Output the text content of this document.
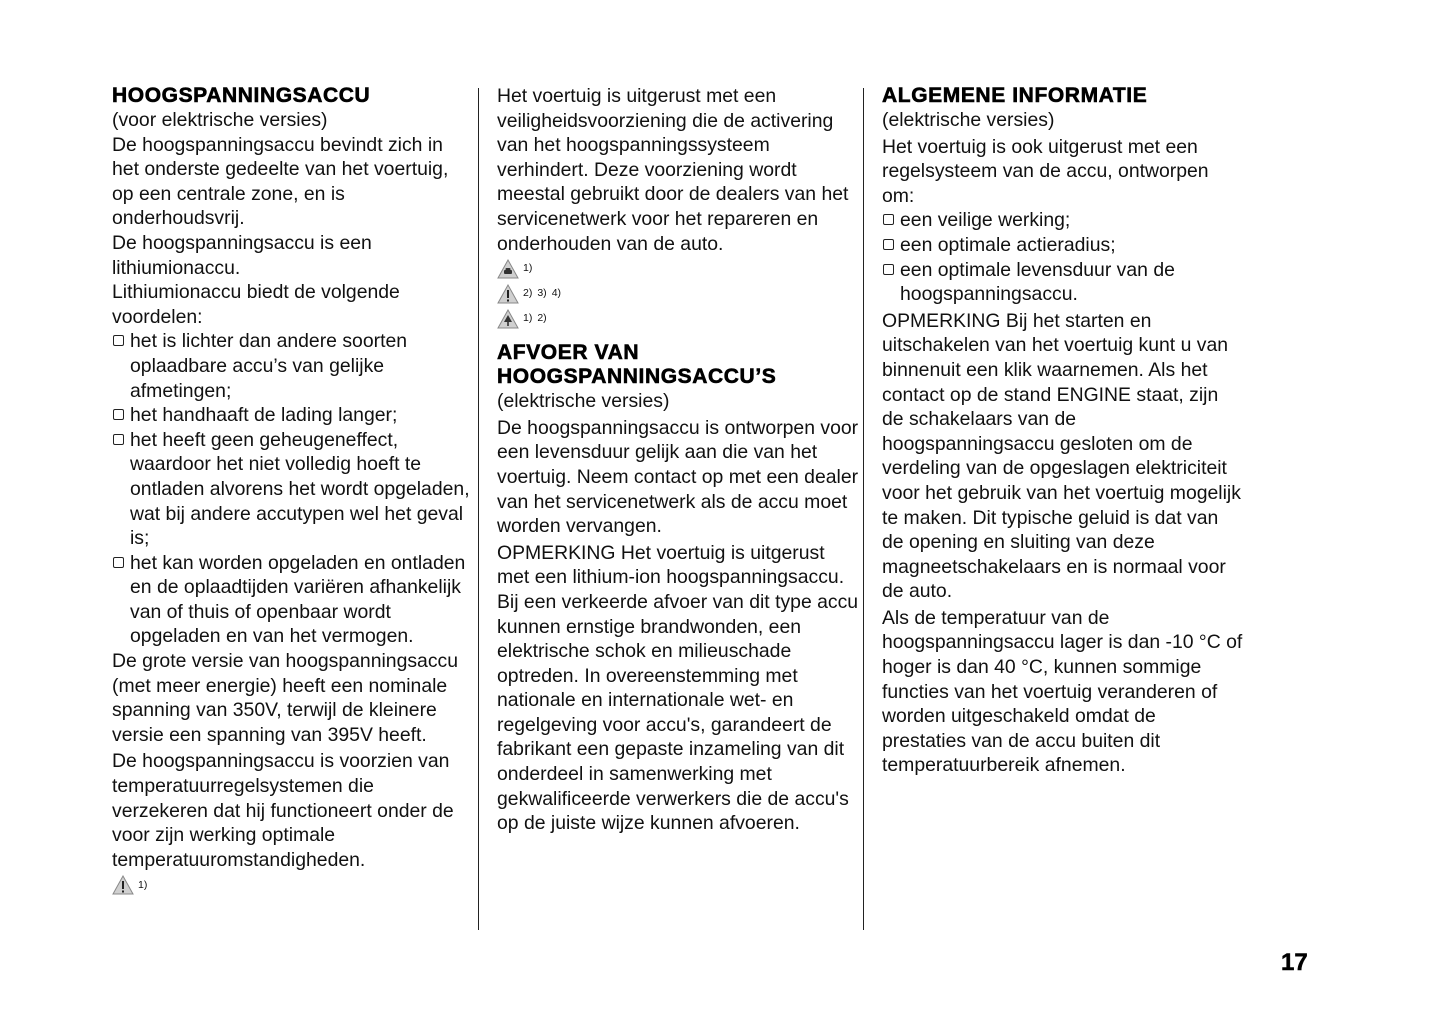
HOOGSPANNINGSACCU

(voor elektrische versies)

De hoogspanningsaccu bevindt zich in het onderste gedeelte van het voertuig, op een centrale zone, en is onderhoudsvrij.

De hoogspanningsaccu is een lithiumionaccu.

Lithiumionaccu biedt de volgende voordelen:

het is lichter dan andere soorten oplaadbare accu’s van gelijke afmetingen;
het handhaaft de lading langer;
het heeft geen geheugeneffect, waardoor het niet volledig hoeft te ontladen alvorens het wordt opgeladen, wat bij andere accutypen wel het geval is;
het kan worden opgeladen en ontladen en de oplaadtijden variëren afhankelijk van of thuis of openbaar wordt opgeladen en van het vermogen.

De grote versie van hoogspanningsaccu (met meer energie) heeft een nominale spanning van 350V, terwijl de kleinere versie een spanning van 395V heeft.

De hoogspanningsaccu is voorzien van temperatuurregelsystemen die verzekeren dat hij functioneert onder de voor zijn werking optimale temperatuuromstandigheden.

1)

Het voertuig is uitgerust met een veiligheidsvoorziening die de activering van het hoogspanningssysteem verhindert. Deze voorziening wordt meestal gebruikt door de dealers van het servicenetwerk voor het repareren en onderhouden van de auto.

1)
2) 3) 4)
1) 2)
AFVOER VAN
HOOGSPANNINGSACCU’S

(elektrische versies)

De hoogspanningsaccu is ontworpen voor een levensduur gelijk aan die van het voertuig. Neem contact op met een dealer van het servicenetwerk als de accu moet worden vervangen.

OPMERKING Het voertuig is uitgerust met een lithium-ion hoogspanningsaccu. Bij een verkeerde afvoer van dit type accu kunnen ernstige brandwonden, een elektrische schok en milieuschade optreden. In overeenstemming met nationale en internationale wet- en regelgeving voor accu's, garandeert de fabrikant een gepaste inzameling van dit onderdeel in samenwerking met gekwalificeerde verwerkers die de accu's op de juiste wijze kunnen afvoeren.

ALGEMENE INFORMATIE

(elektrische versies)

Het voertuig is ook uitgerust met een regelsysteem van de accu, ontworpen om:

een veilige werking;
een optimale actieradius;
een optimale levensduur van de hoogspanningsaccu.

OPMERKING Bij het starten en uitschakelen van het voertuig kunt u van binnenuit een klik waarnemen. Als het contact op de stand ENGINE staat, zijn de schakelaars van de hoogspanningsaccu gesloten om de verdeling van de opgeslagen elektriciteit voor het gebruik van het voertuig mogelijk te maken. Dit typische geluid is dat van de opening en sluiting van deze magneetschakelaars en is normaal voor de auto.

Als de temperatuur van de hoogspanningsaccu lager is dan -10 °C of hoger is dan 40 °C, kunnen sommige functies van het voertuig veranderen of worden uitgeschakeld omdat de prestaties van de accu buiten dit temperatuurbereik afnemen.

17
